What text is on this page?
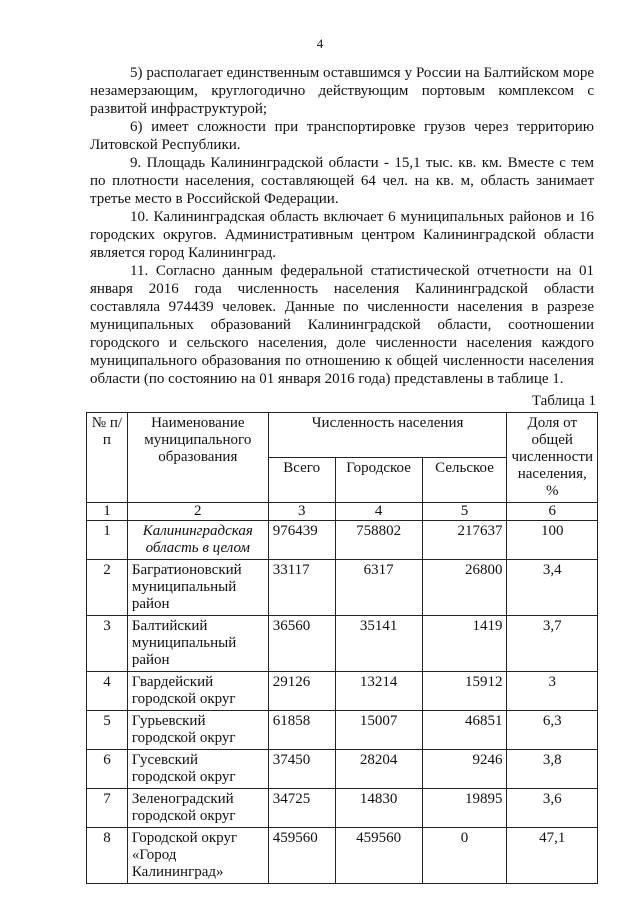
4

5) располагает единственным оставшимся у России на Балтийском море незамерзающим, круглогодично действующим портовым комплексом с развитой инфраструктурой;

6) имеет сложности при транспортировке грузов через территорию Литовской Республики.

9. Площадь Калининградской области - 15,1 тыс. кв. км. Вместе с тем по плотности населения, составляющей 64 чел. на кв. м, область занимает третье место в Российской Федерации.

10. Калининградская область включает 6 муниципальных районов и 16 городских округов. Административным центром Калининградской области является город Калининград.

11. Согласно данным федеральной статистической отчетности на 01 января 2016 года численность населения Калининградской области составляла 974439 человек. Данные по численности населения в разрезе муниципальных образований Калининградской области, соотношении городского и сельского населения, доле численности населения каждого муниципального образования по отношению к общей численности населения области (по состоянию на 01 января 2016 года) представлены в таблице 1.

Таблица 1
№ п/п	Наименование муниципального образования	Численность населения			Доля от общей численности населения, %
		Всего	Городское	Сельское	
1	2	3	4	5	6
1	Калининградская область в целом	976439	758802	217637	100
2	Багратионовский муниципальный район	33117	6317	26800	3,4
3	Балтийский муниципальный район	36560	35141	1419	3,7
4	Гвардейский городской округ	29126	13214	15912	3
5	Гурьевский городской округ	61858	15007	46851	6,3
6	Гусевский городской округ	37450	28204	9246	3,8
7	Зеленоградский городской округ	34725	14830	19895	3,6
8	Городской округ «Город Калининград»	459560	459560	0	47,1
